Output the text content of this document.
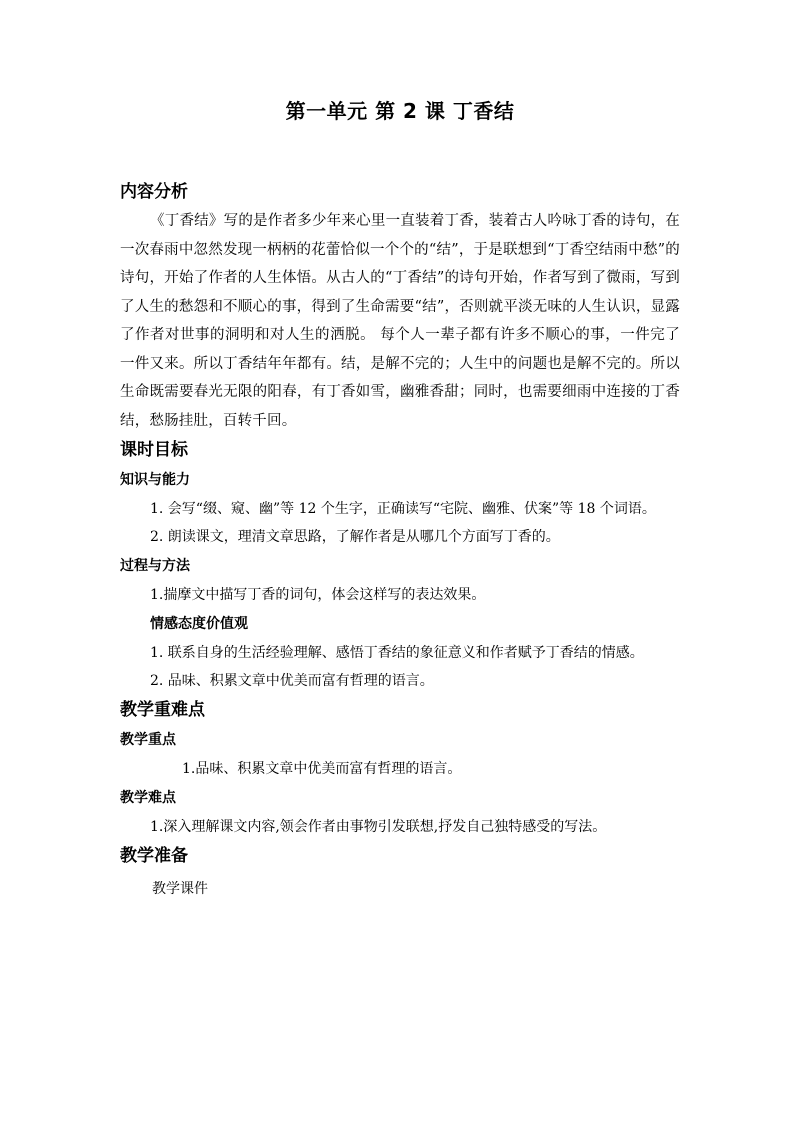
第一单元 第 2 课 丁香结
内容分析

《丁香结》写的是作者多少年来心里一直装着丁香，装着古人吟咏丁香的诗句，在一次春雨中忽然发现一柄柄的花蕾恰似一个个的“结”，于是联想到“丁香空结雨中愁”的诗句，开始了作者的人生体悟。从古人的“丁香结”的诗句开始，作者写到了微雨，写到了人生的愁怨和不顺心的事，得到了生命需要“结”，否则就平淡无味的人生认识，显露了作者对世事的洞明和对人生的洒脱。 每个人一辈子都有许多不顺心的事，一件完了一件又来。所以丁香结年年都有。结，是解不完的；人生中的问题也是解不完的。所以生命既需要春光无限的阳春，有丁香如雪，幽雅香甜；同时，也需要细雨中连接的丁香结，愁肠挂肚，百转千回。

课时目标
知识与能力

1. 会写“缀、窥、幽”等 12 个生字，正确读写“宅院、幽雅、伏案”等 18 个词语。

2. 朗读课文，理清文章思路，了解作者是从哪几个方面写丁香的。

过程与方法

1.揣摩文中描写丁香的词句，体会这样写的表达效果。

情感态度价值观

1. 联系自身的生活经验理解、感悟丁香结的象征意义和作者赋予丁香结的情感。

2. 品味、积累文章中优美而富有哲理的语言。

教学重难点
教学重点

1.品味、积累文章中优美而富有哲理的语言。

教学难点

1.深入理解课文内容,领会作者由事物引发联想,抒发自己独特感受的写法。

教学准备

教学课件
